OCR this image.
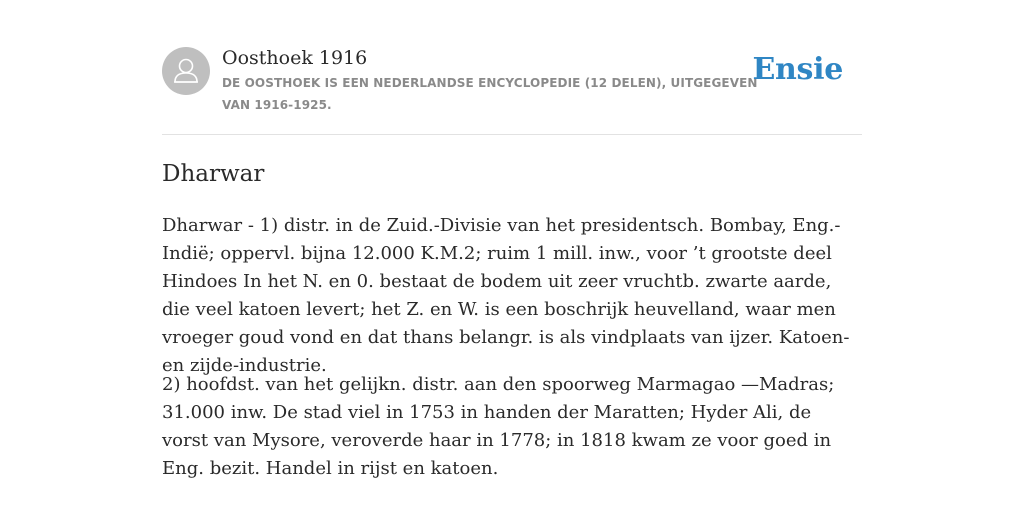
Oosthoek 1916
DE OOSTHOEK IS EEN NEDERLANDSE ENCYCLOPEDIE (12 DELEN), UITGEGEVEN VAN 1916-1925.
Ensie
Dharwar

Dharwar - 1) distr. in de Zuid.-Divisie van het presidentsch. Bombay, Eng.-Indië; oppervl. bijna 12.000 K.M.2; ruim 1 mill. inw., voor ’t grootste deel Hindoes In het N. en 0. bestaat de bodem uit zeer vruchtb. zwarte aarde, die veel katoen levert; het Z. en W. is een boschrijk heuvelland, waar men vroeger goud vond en dat thans belangr. is als vindplaats van ijzer. Katoen- en zijde-industrie.

2) hoofdst. van het gelijkn. distr. aan den spoorweg Marmagao —Madras; 31.000 inw. De stad viel in 1753 in handen der Maratten; Hyder Ali, de vorst van Mysore, veroverde haar in 1778; in 1818 kwam ze voor goed in Eng. bezit. Handel in rijst en katoen.
